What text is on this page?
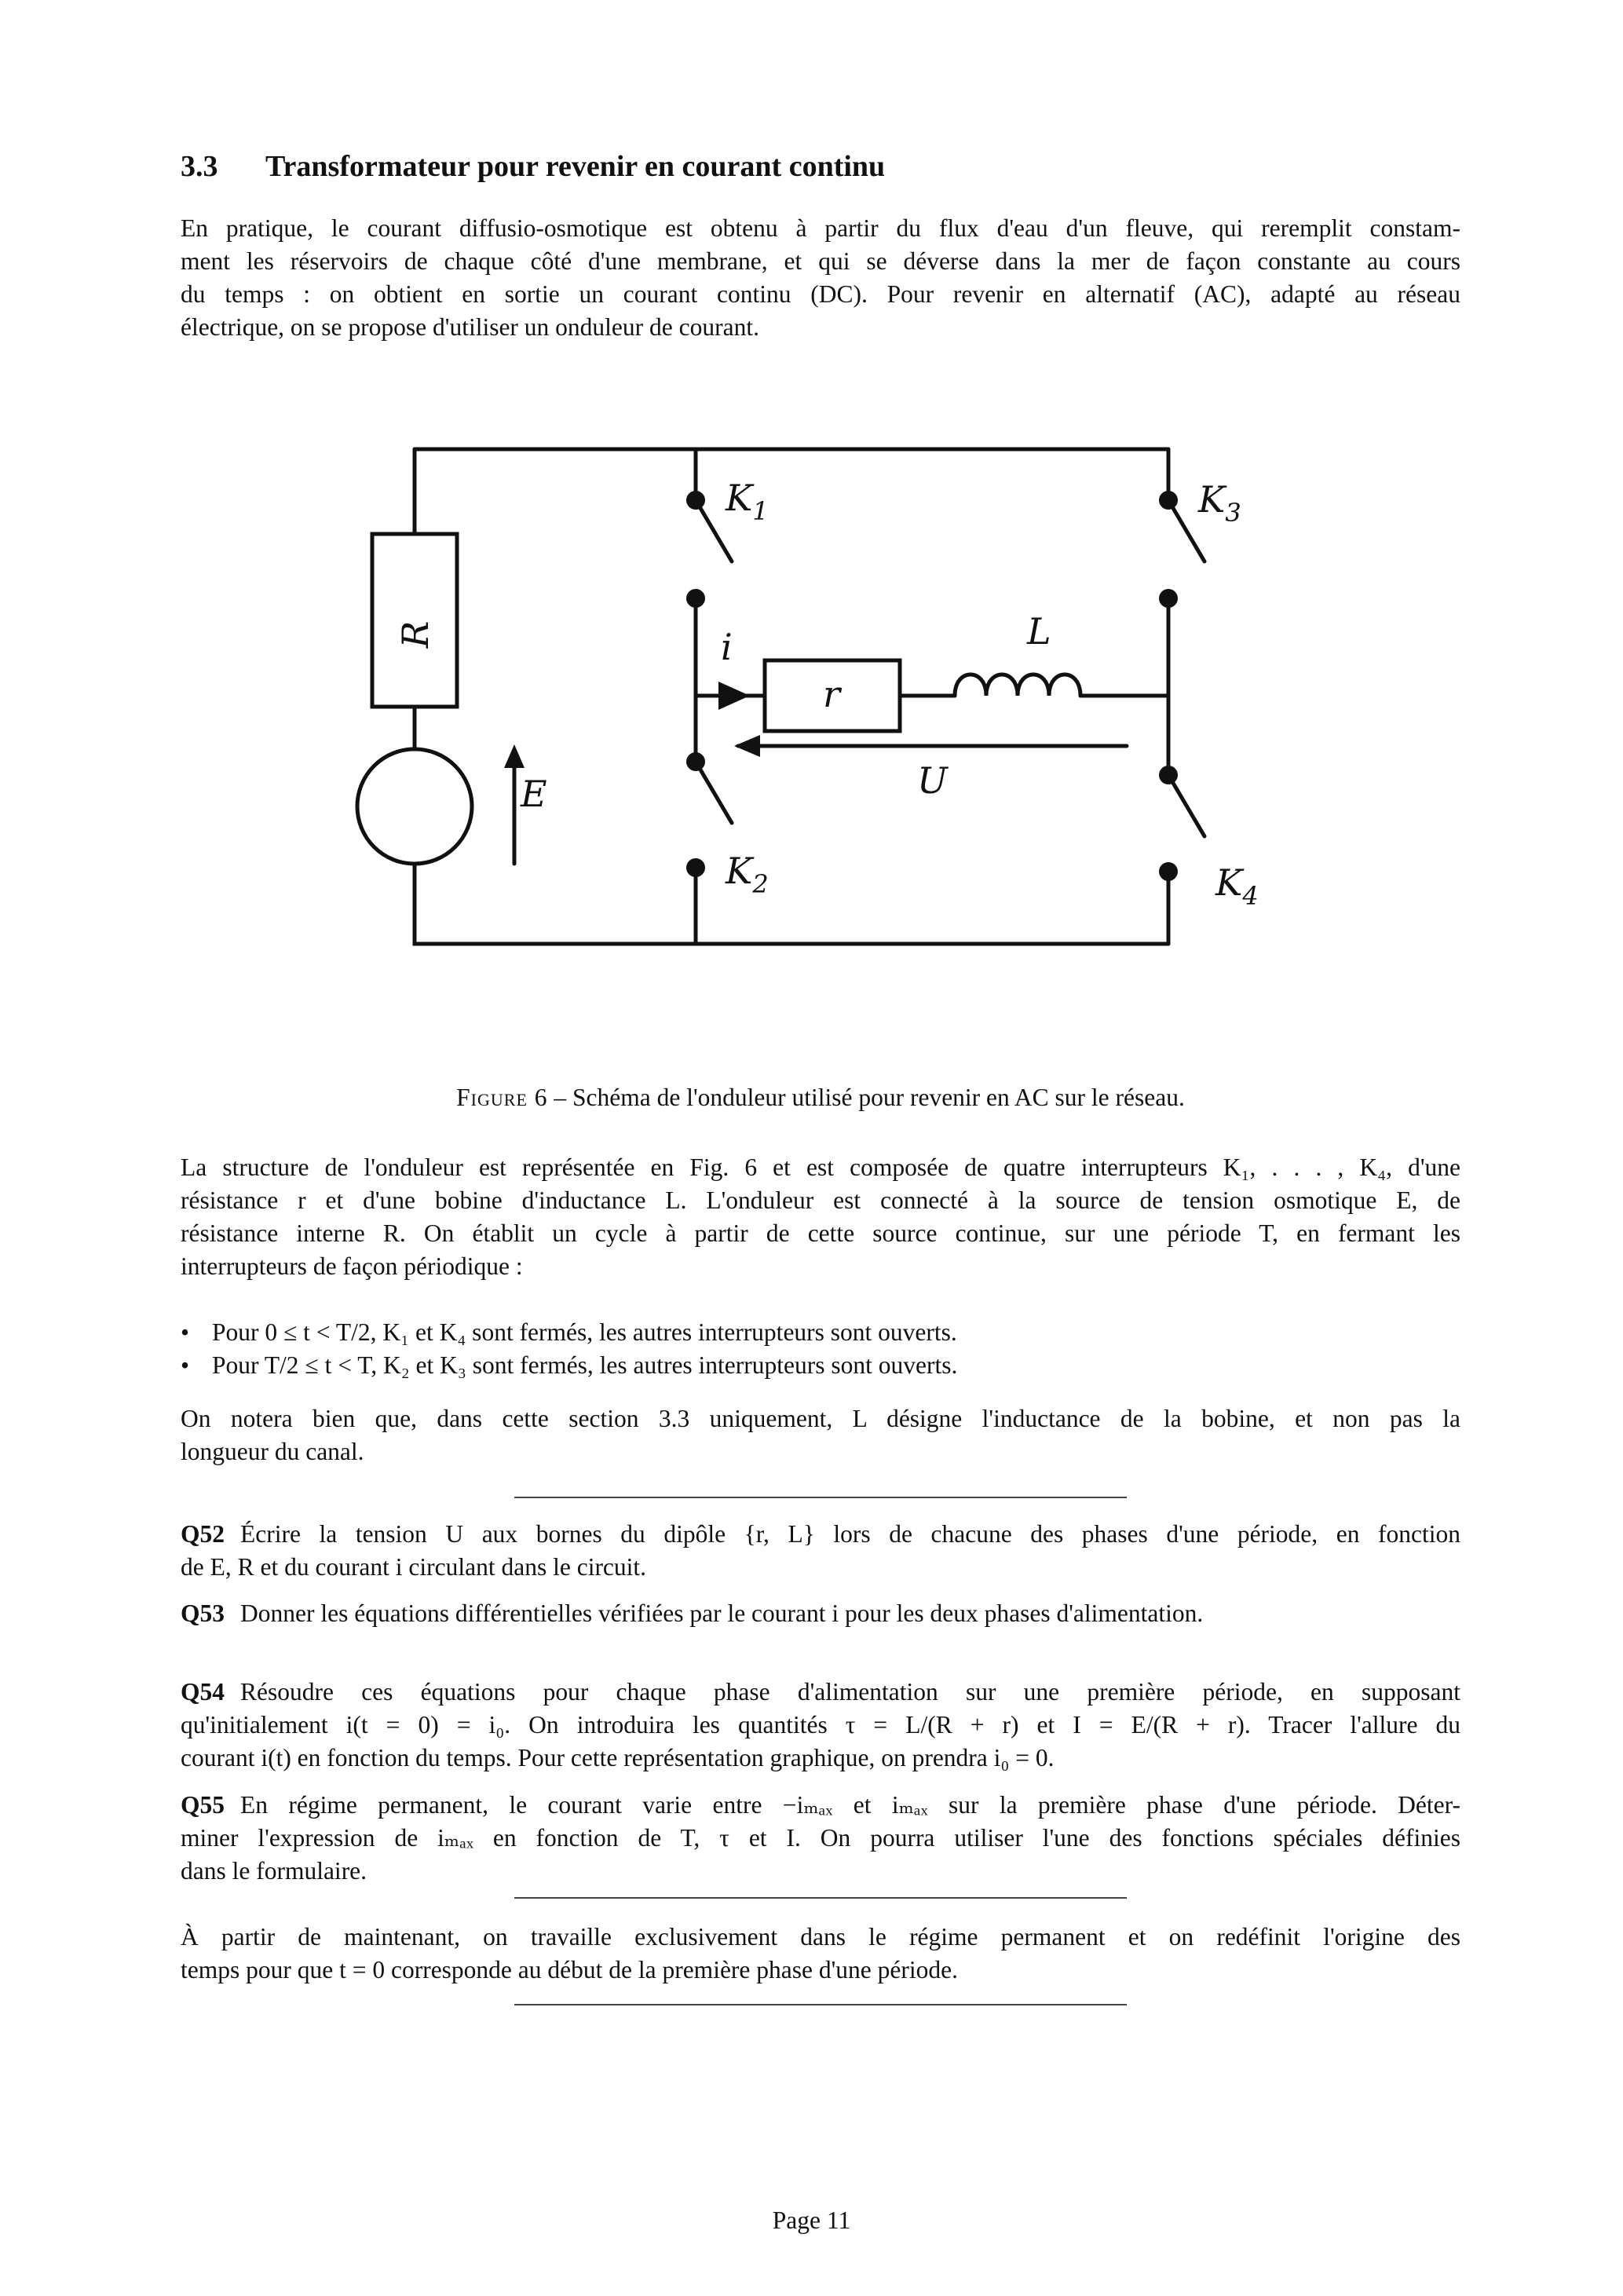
3.3 Transformateur pour revenir en courant continu
En pratique, le courant diffusio-osmotique est obtenu à partir du flux d'eau d'un fleuve, qui reremplit constam-
ment les réservoirs de chaque côté d'une membrane, et qui se déverse dans la mer de façon constante au cours
du temps : on obtient en sortie un courant continu (DC). Pour revenir en alternatif (AC), adapté au réseau
électrique, on se propose d'utiliser un onduleur de courant.
R
E
i
r
L
U
$K_1$
$K_2$
$K_3$
$K_4$
Figure 6 – Schéma de l'onduleur utilisé pour revenir en AC sur le réseau.
La structure de l'onduleur est représentée en Fig. 6 et est composée de quatre interrupteurs K₁, . . . , K₄, d'une
résistance r et d'une bobine d'inductance L. L'onduleur est connecté à la source de tension osmotique E, de
résistance interne R. On établit un cycle à partir de cette source continue, sur une période T, en fermant les
interrupteurs de façon périodique :
• Pour 0 ≤ t < T/2, K₁ et K₄ sont fermés, les autres interrupteurs sont ouverts.
• Pour T/2 ≤ t < T, K₂ et K₃ sont fermés, les autres interrupteurs sont ouverts.
On notera bien que, dans cette section 3.3 uniquement, L désigne l'inductance de la bobine, et non pas la
longueur du canal.
Q52 Écrire la tension U aux bornes du dipôle {r, L} lors de chacune des phases d'une période, en fonction
de E, R et du courant i circulant dans le circuit.
Q53 Donner les équations différentielles vérifiées par le courant i pour les deux phases d'alimentation.
Q54 Résoudre ces équations pour chaque phase d'alimentation sur une première période, en supposant
qu'initialement i(t = 0) = i₀. On introduira les quantités τ = L/(R + r) et I = E/(R + r). Tracer l'allure du
courant i(t) en fonction du temps. Pour cette représentation graphique, on prendra i₀ = 0.
Q55 En régime permanent, le courant varie entre −iₘₐₓ et iₘₐₓ sur la première phase d'une période. Déter-
miner l'expression de iₘₐₓ en fonction de T, τ et I. On pourra utiliser l'une des fonctions spéciales définies
dans le formulaire.
À partir de maintenant, on travaille exclusivement dans le régime permanent et on redéfinit l'origine des
temps pour que t = 0 corresponde au début de la première phase d'une période.
Page 11
